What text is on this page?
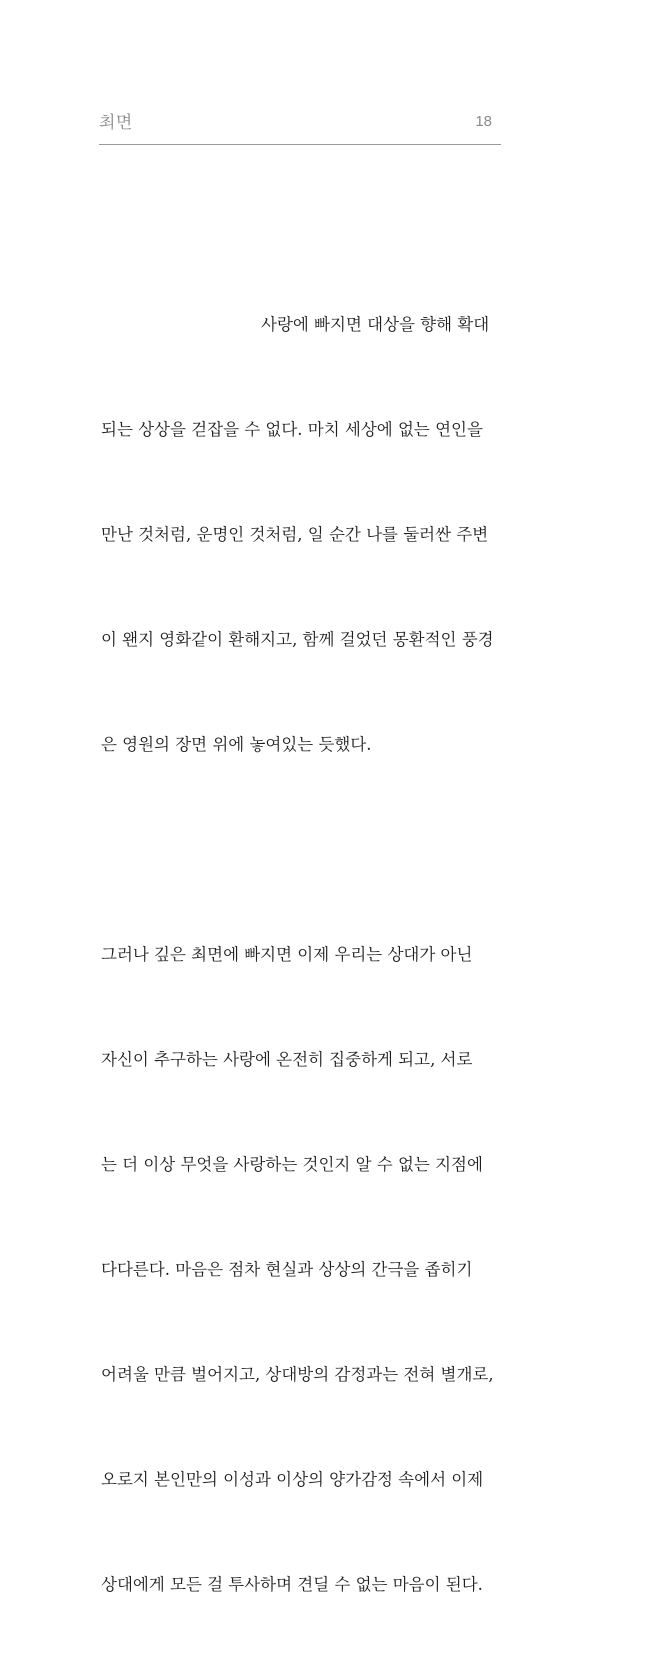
최면	18

사랑에 빠지면 대상을 향해 확대

되는 상상을 걷잡을 수 없다. 마치 세상에 없는 연인을

만난 것처럼, 운명인 것처럼, 일 순간 나를 둘러싼 주변

이 왠지 영화같이 환해지고, 함께 걸었던 몽환적인 풍경

은 영원의 장면 위에 놓여있는 듯했다.

그러나 깊은 최면에 빠지면 이제 우리는 상대가 아닌

자신이 추구하는 사랑에 온전히 집중하게 되고, 서로

는 더 이상 무엇을 사랑하는 것인지 알 수 없는 지점에

다다른다. 마음은 점차 현실과 상상의 간극을 좁히기

어려울 만큼 벌어지고, 상대방의 감정과는 전혀 별개로,

오로지 본인만의 이성과 이상의 양가감정 속에서 이제

상대에게 모든 걸 투사하며 견딜 수 없는 마음이 된다.
